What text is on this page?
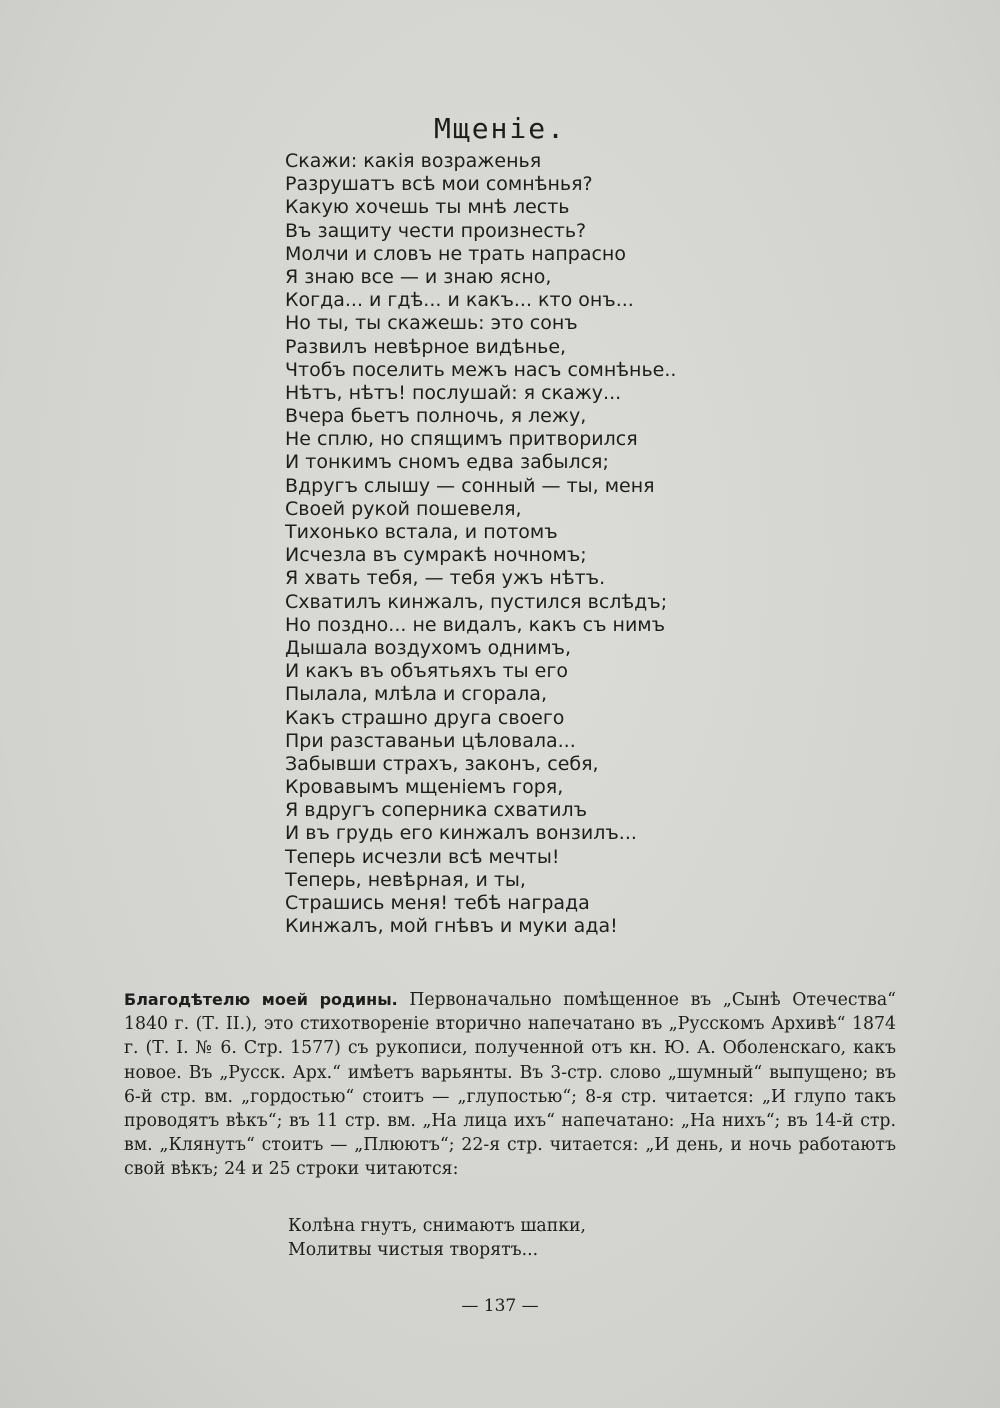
Мщеніе.
Скажи: какія возраженья
Разрушатъ всѣ мои сомнѣнья?
Какую хочешь ты мнѣ лесть
Въ защиту чести произнесть?
Молчи и словъ не трать напрасно
Я знаю все — и знаю ясно,
Когда... и гдѣ... и какъ... кто онъ...
Но ты, ты скажешь: это сонъ
Развилъ невѣрное видѣнье,
Чтобъ поселить межъ насъ сомнѣнье..
Нѣтъ, нѣтъ! послушай: я скажу...
Вчера бьетъ полночь, я лежу,
Не сплю, но спящимъ притворился
И тонкимъ сномъ едва забылся;
Вдругъ слышу — сонный — ты, меня
Своей рукой пошевеля,
Тихонько встала, и потомъ
Исчезла въ сумракѣ ночномъ;
Я хвать тебя, — тебя ужъ нѣтъ.
Схватилъ кинжалъ, пустился вслѣдъ;
Но поздно... не видалъ, какъ съ нимъ
Дышала воздухомъ однимъ,
И какъ въ объятьяхъ ты его
Пылала, млѣла и сгорала,
Какъ страшно друга своего
При разставаньи цѣловала...
Забывши страхъ, законъ, себя,
Кровавымъ мщеніемъ горя,
Я вдругъ соперника схватилъ
И въ грудь его кинжалъ вонзилъ...
Теперь исчезли всѣ мечты!
Теперь, невѣрная, и ты,
Страшись меня! тебѣ награда
Кинжалъ, мой гнѣвъ и муки ада!
Благодѣтелю моей родины. Первоначально помѣщенное въ „Сынѣ Отечества“ 1840 г. (Т. II.), это стихотвореніе вторично напечатано въ „Русскомъ Архивѣ“ 1874 г. (Т. I. № 6. Стр. 1577) съ рукописи, полученной отъ кн. Ю. А. Оболенскаго, какъ новое. Въ „Русск. Арх.“ имѣетъ варьянты. Въ 3-стр. слово „шумный“ выпущено; въ 6-й стр. вм. „гордостью“ стоитъ — „глупостью“; 8-я стр. читается: „И глупо такъ проводятъ вѣкъ“; въ 11 стр. вм. „На лица ихъ“ напечатано: „На нихъ“; въ 14-й стр. вм. „Клянутъ“ стоитъ — „Плюютъ“; 22-я стр. читается: „И день, и ночь работаютъ свой вѣкъ; 24 и 25 строки читаются:
Колѣна гнутъ, снимаютъ шапки,
Молитвы чистыя творятъ...
— 137 —
